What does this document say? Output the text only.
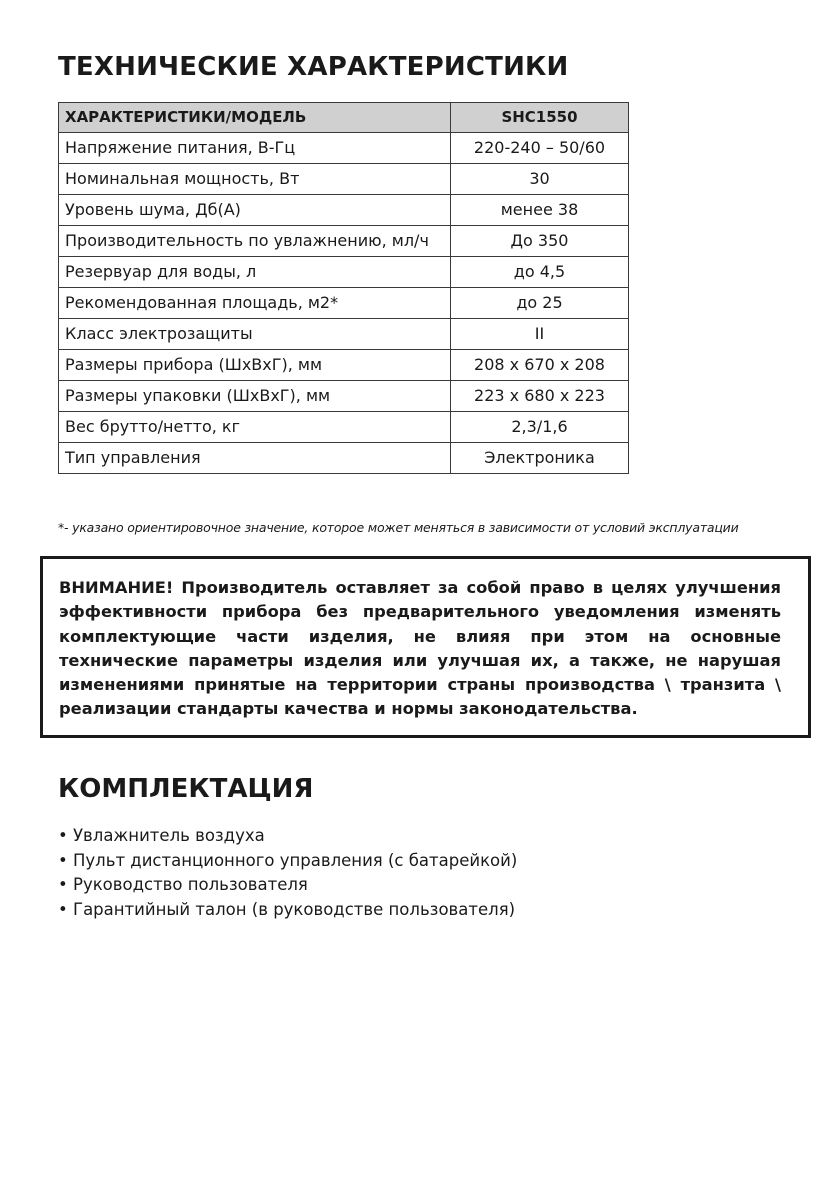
ТЕХНИЧЕСКИЕ ХАРАКТЕРИСТИКИ
ХАРАКТЕРИСТИКИ/МОДЕЛЬ	SHC1550
Напряжение питания, В-Гц	220-240 – 50/60
Номинальная мощность, Вт	30
Уровень шума, Дб(А)	менее 38
Производительность по увлажнению, мл/ч	До 350
Резервуар для воды, л	до 4,5
Рекомендованная площадь, м2*	до 25
Класс электрозащиты	II
Размеры прибора (ШхВхГ), мм	208 x 670 x 208
Размеры упаковки (ШхВхГ), мм	223 x 680 x 223
Вес брутто/нетто, кг	2,3/1,6
Тип управления	Электроника
*- указано ориентировочное значение, которое может меняться в зависимости от условий эксплуатации

ВНИМАНИЕ! Производитель оставляет за собой право в целях улучшения эффективности прибора без предварительного уведомления изменять комплектующие части изделия, не влияя при этом на основные технические параметры изделия или улучшая их, а также, не нарушая изменениями принятые на территории страны производства \ транзита \ реализации стандарты качества и нормы законодательства.

КОМПЛЕКТАЦИЯ
• Увлажнитель воздуха
• Пульт дистанционного управления (с батарейкой)
• Руководство пользователя
• Гарантийный талон (в руководстве пользователя)
